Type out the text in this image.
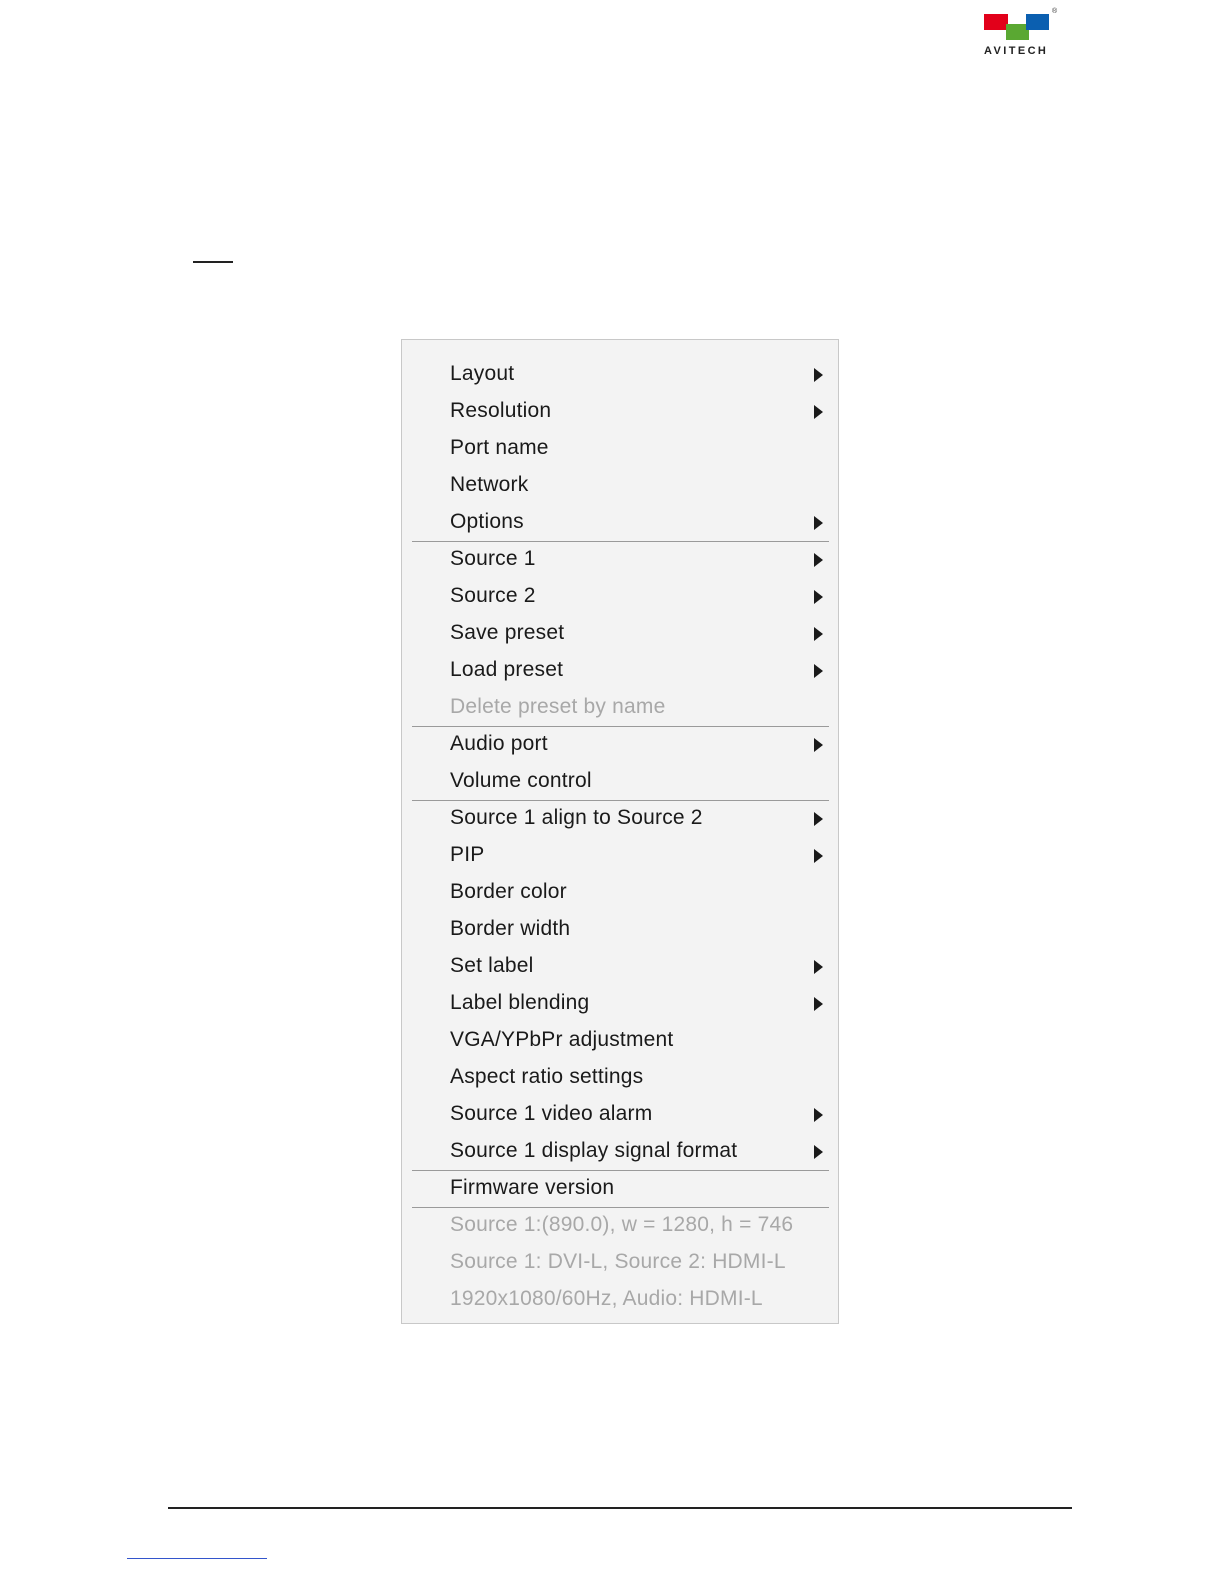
®
AVITECH
Layout
Resolution
Port name
Network
Options
Source 1
Source 2
Save preset
Load preset
Delete preset by name
Audio port
Volume control
Source 1 align to Source 2
PIP
Border color
Border width
Set label
Label blending
VGA/YPbPr adjustment
Aspect ratio settings
Source 1 video alarm
Source 1 display signal format
Firmware version
Source 1:(890.0), w = 1280, h = 746
Source 1: DVI-L, Source 2: HDMI-L
1920x1080/60Hz, Audio: HDMI-L
